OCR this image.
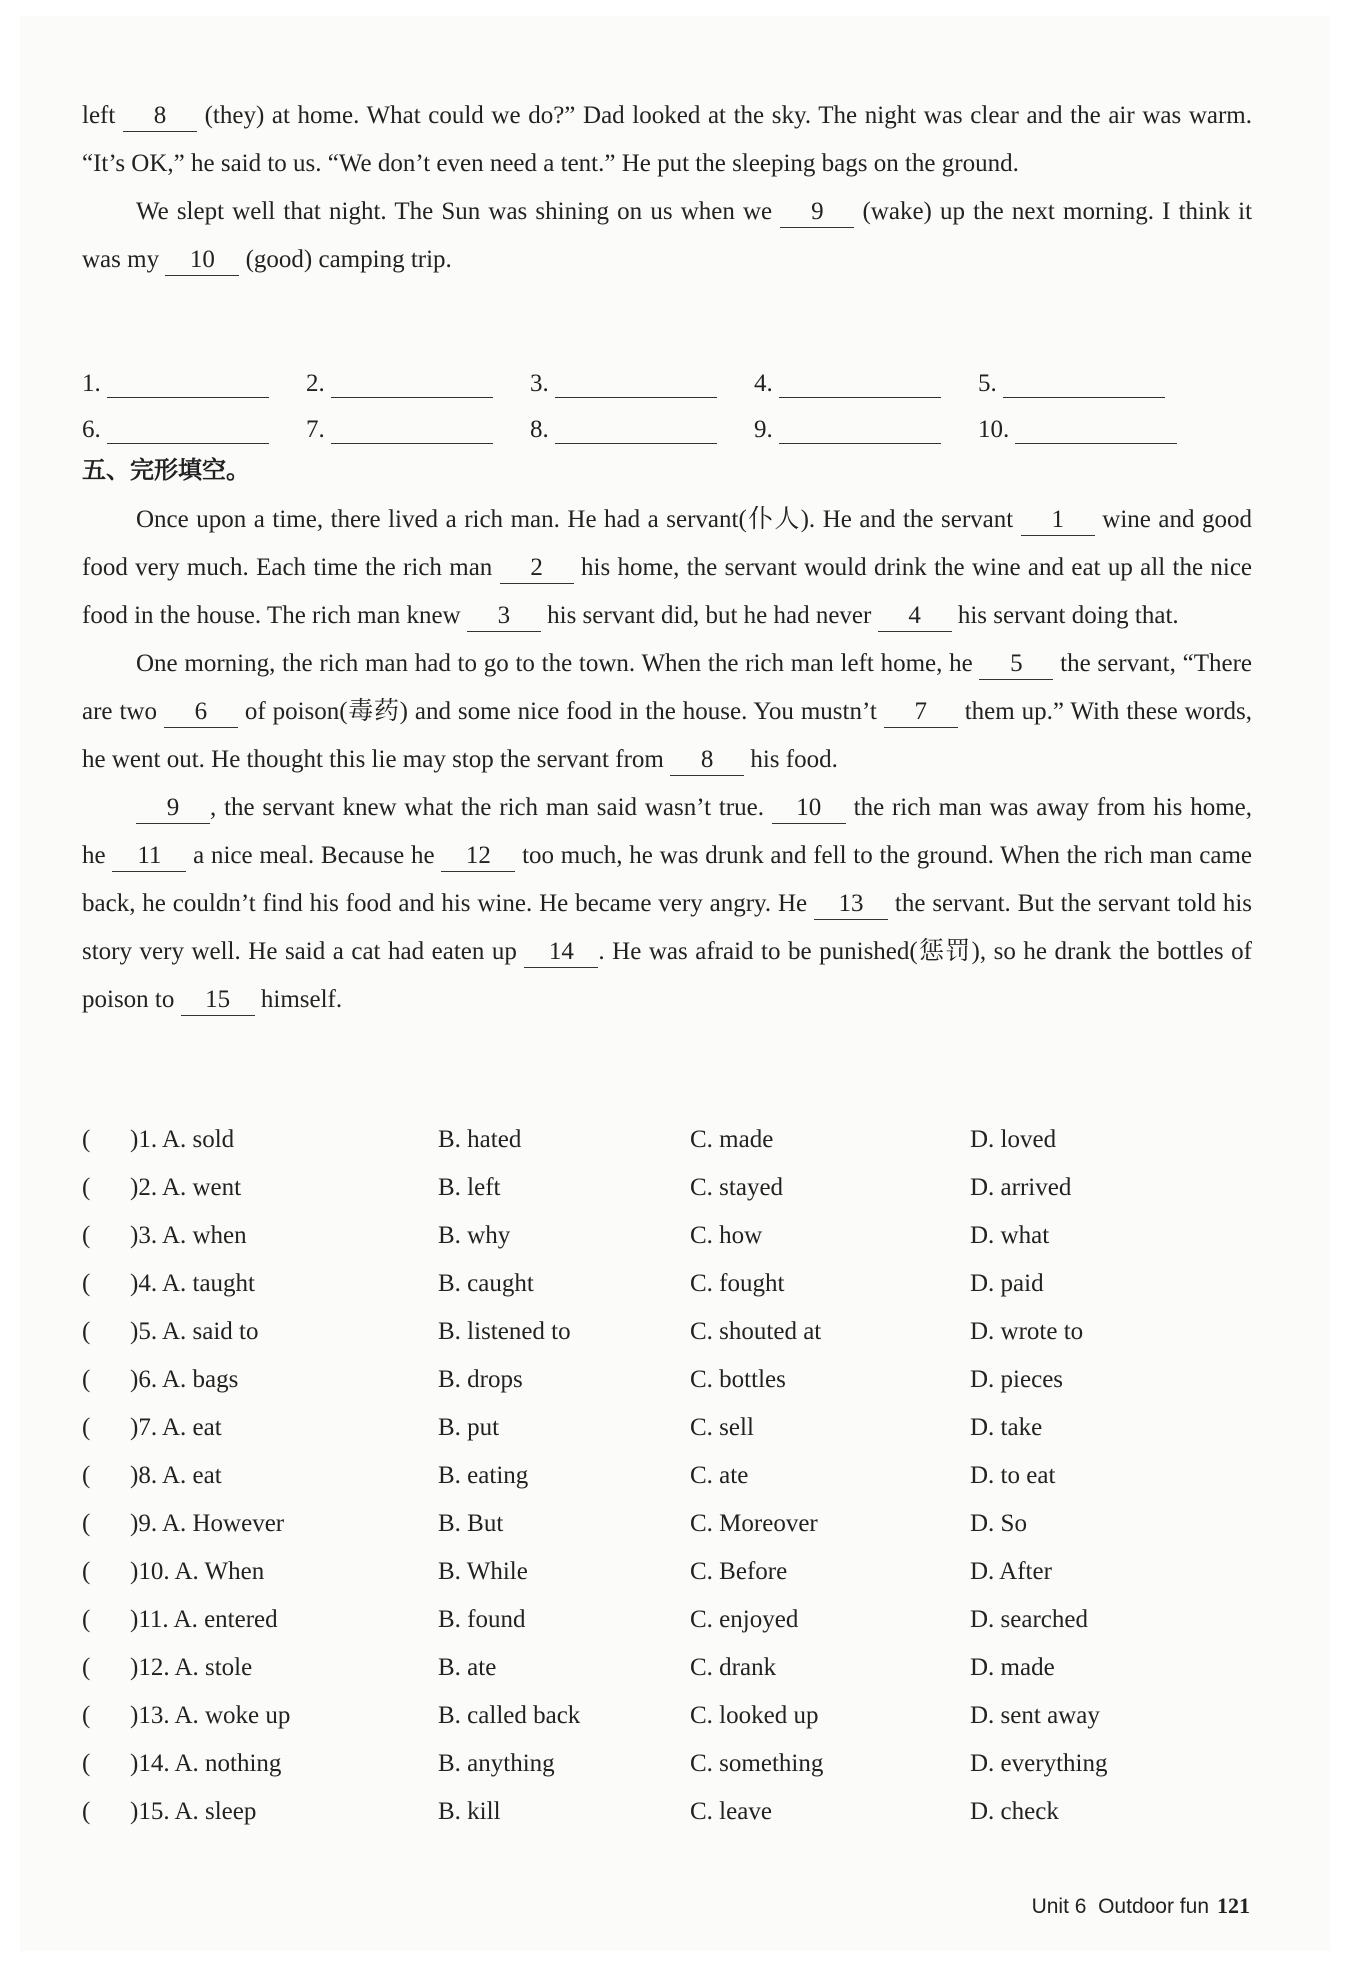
left 8 (they) at home. What could we do?” Dad looked at the sky. The night was clear and the air was warm. “It’s OK,” he said to us. “We don’t even need a tent.” He put the sleeping bags on the ground.

We slept well that night. The Sun was shining on us when we 9 (wake) up the next morning. I think it was my 10 (good) camping trip.

1.	2.	3.	4.	5.
6.	7.	8.	9.	10.
五、完形填空。

Once upon a time, there lived a rich man. He had a servant(仆人). He and the servant 1 wine and good food very much. Each time the rich man 2 his home, the servant would drink the wine and eat up all the nice food in the house. The rich man knew 3 his servant did, but he had never 4 his servant doing that.

One morning, the rich man had to go to the town. When the rich man left home, he 5 the servant, “There are two 6 of poison(毒药) and some nice food in the house. You mustn’t 7 them up.” With these words, he went out. He thought this lie may stop the servant from 8 his food.

9 , the servant knew what the rich man said wasn’t true. 10 the rich man was away from his home, he 11 a nice meal. Because he 12 too much, he was drunk and fell to the ground. When the rich man came back, he couldn’t find his food and his wine. He became very angry. He 13 the servant. But the servant told his story very well. He said a cat had eaten up 14 . He was afraid to be punished(惩罚), so he drank the bottles of poison to 15 himself.

(	)1. A. sold	B. hated	C. made	D. loved
(	)2. A. went	B. left	C. stayed	D. arrived
(	)3. A. when	B. why	C. how	D. what
(	)4. A. taught	B. caught	C. fought	D. paid
(	)5. A. said to	B. listened to	C. shouted at	D. wrote to
(	)6. A. bags	B. drops	C. bottles	D. pieces
(	)7. A. eat	B. put	C. sell	D. take
(	)8. A. eat	B. eating	C. ate	D. to eat
(	)9. A. However	B. But	C. Moreover	D. So
(	)10. A. When	B. While	C. Before	D. After
(	)11. A. entered	B. found	C. enjoyed	D. searched
(	)12. A. stole	B. ate	C. drank	D. made
(	)13. A. woke up	B. called back	C. looked up	D. sent away
(	)14. A. nothing	B. anything	C. something	D. everything
(	)15. A. sleep	B. kill	C. leave	D. check
Unit 6  Outdoor fun 121
